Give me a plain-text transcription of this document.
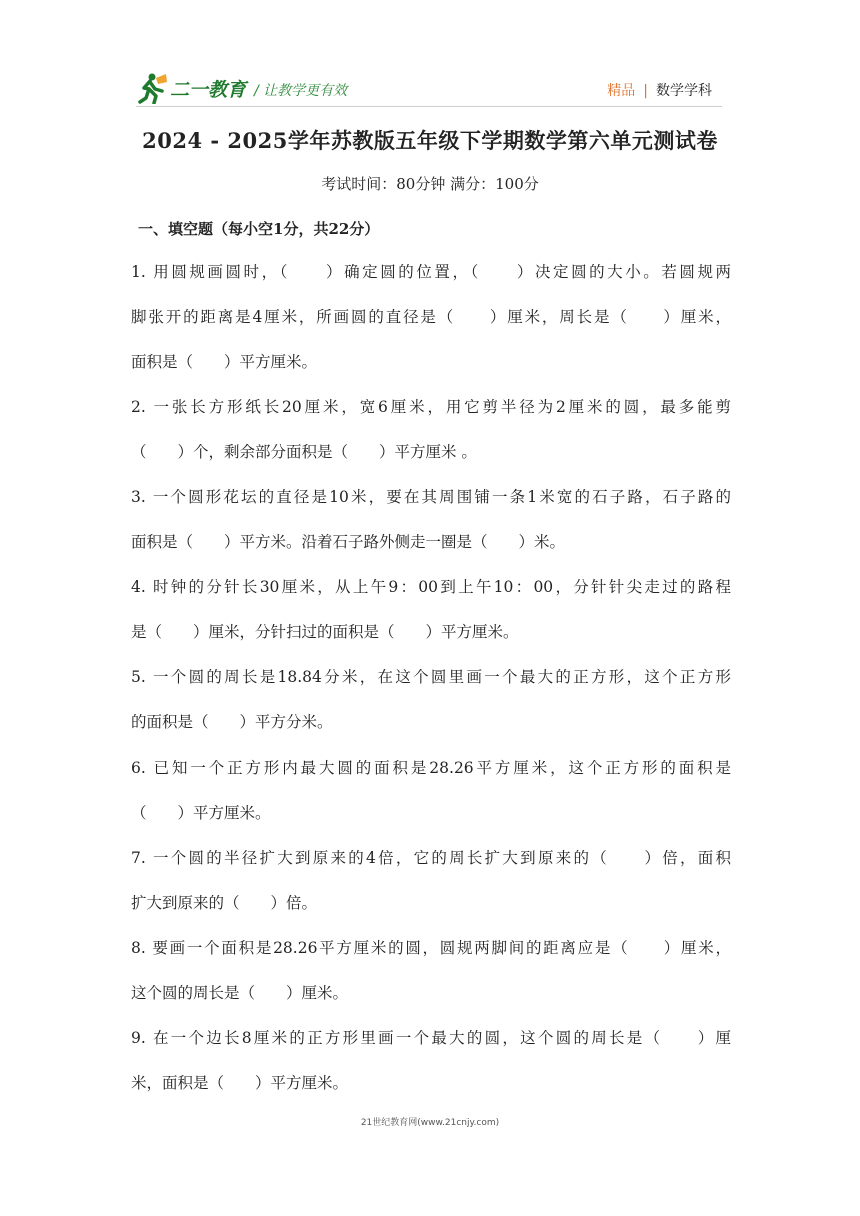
二一教育 / 让教学更有效	精品 | 数学学科
2024 - 2025学年苏教版五年级下学期数学第六单元测试卷
考试时间：80分钟 满分：100分
一、填空题（每小空1分，共22分）
1. 用圆规画圆时，（　　）确定圆的位置，（　　）决定圆的大小。若圆规两
脚张开的距离是4厘米，所画圆的直径是（　　）厘米，周长是（　　）厘米，
面积是（　　）平方厘米。
2. 一张长方形纸长20厘米，宽6厘米，用它剪半径为2厘米的圆，最多能剪
（　　）个，剩余部分面积是（　　）平方厘米 。
3. 一个圆形花坛的直径是10米，要在其周围铺一条1米宽的石子路，石子路的
面积是（　　）平方米。沿着石子路外侧走一圈是（　　）米。
4. 时钟的分针长30厘米，从上午9：00到上午10：00，分针针尖走过的路程
是（　　）厘米，分针扫过的面积是（　　）平方厘米。
5. 一个圆的周长是18.84分米，在这个圆里画一个最大的正方形，这个正方形
的面积是（　　）平方分米。
6. 已知一个正方形内最大圆的面积是28.26平方厘米，这个正方形的面积是
（　　）平方厘米。
7. 一个圆的半径扩大到原来的4倍，它的周长扩大到原来的（　　）倍，面积
扩大到原来的（　　）倍。
8. 要画一个面积是28.26平方厘米的圆，圆规两脚间的距离应是（　　）厘米，
这个圆的周长是（　　）厘米。
9. 在一个边长8厘米的正方形里画一个最大的圆，这个圆的周长是（　　）厘
米，面积是（　　）平方厘米。
21世纪教育网(www.21cnjy.com)
